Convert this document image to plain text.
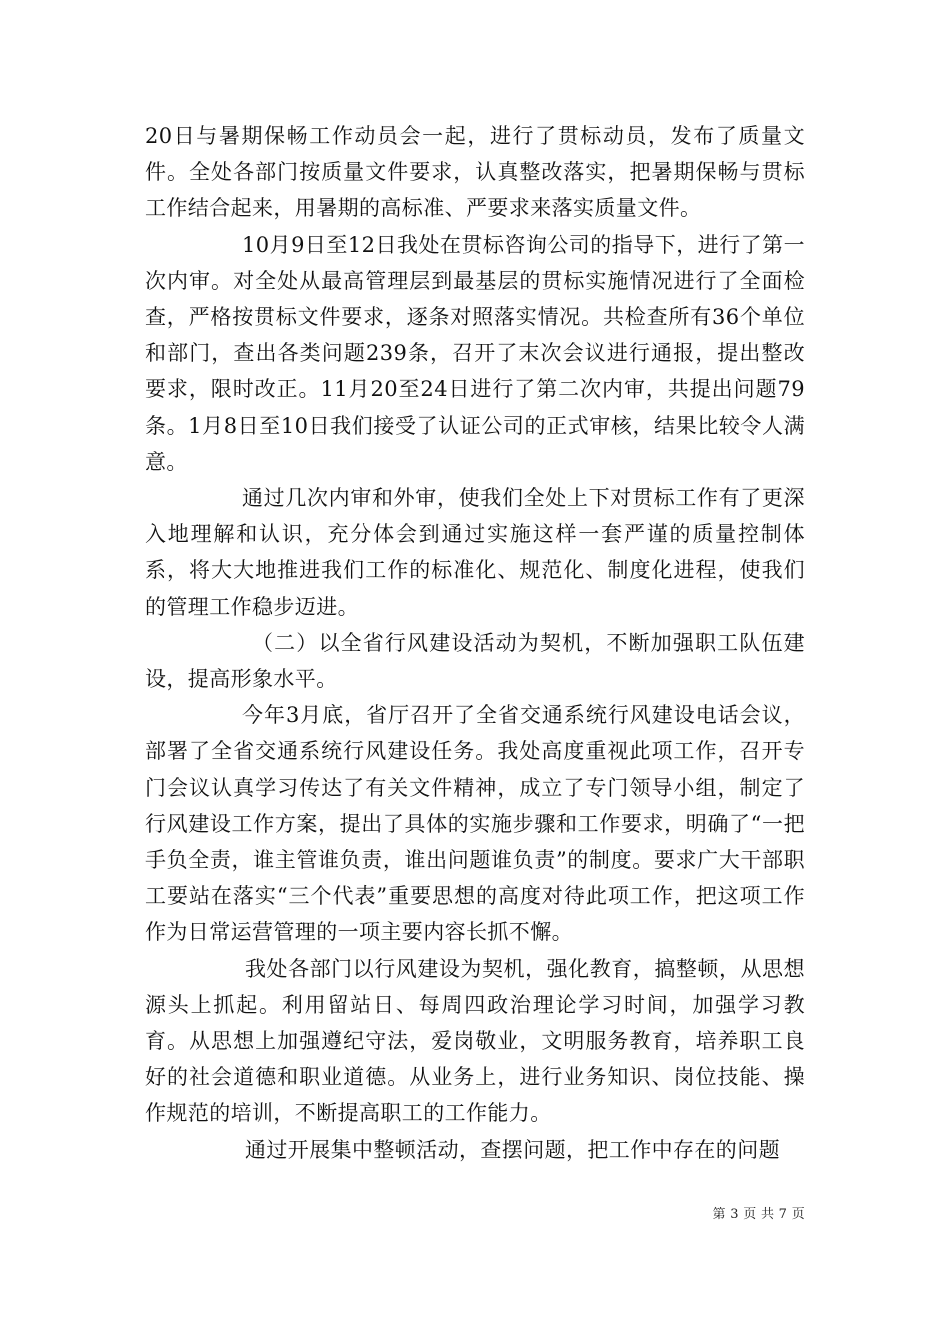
20日与暑期保畅工作动员会一起，进行了贯标动员，发布了质量文件。全处各部门按质量文件要求，认真整改落实，把暑期保畅与贯标工作结合起来，用暑期的高标准、严要求来落实质量文件。

10月9日至12日我处在贯标咨询公司的指导下，进行了第一次内审。对全处从最高管理层到最基层的贯标实施情况进行了全面检查，严格按贯标文件要求，逐条对照落实情况。共检查所有36个单位和部门，查出各类问题239条，召开了末次会议进行通报，提出整改要求，限时改正。11月20至24日进行了第二次内审，共提出问题79条。1月8日至10日我们接受了认证公司的正式审核，结果比较令人满意。

通过几次内审和外审，使我们全处上下对贯标工作有了更深入地理解和认识，充分体会到通过实施这样一套严谨的质量控制体系，将大大地推进我们工作的标准化、规范化、制度化进程，使我们的管理工作稳步迈进。

（二）以全省行风建设活动为契机，不断加强职工队伍建设，提高形象水平。

今年3月底，省厅召开了全省交通系统行风建设电话会议，部署了全省交通系统行风建设任务。我处高度重视此项工作，召开专门会议认真学习传达了有关文件精神，成立了专门领导小组，制定了行风建设工作方案，提出了具体的实施步骤和工作要求，明确了“一把手负全责，谁主管谁负责，谁出问题谁负责”的制度。要求广大干部职工要站在落实“三个代表”重要思想的高度对待此项工作，把这项工作作为日常运营管理的一项主要内容长抓不懈。

我处各部门以行风建设为契机，强化教育，搞整顿，从思想源头上抓起。利用留站日、每周四政治理论学习时间，加强学习教育。从思想上加强遵纪守法，爱岗敬业，文明服务教育，培养职工良好的社会道德和职业道德。从业务上，进行业务知识、岗位技能、操作规范的培训，不断提高职工的工作能力。

通过开展集中整顿活动，查摆问题，把工作中存在的问题

第 3 页 共 7 页
